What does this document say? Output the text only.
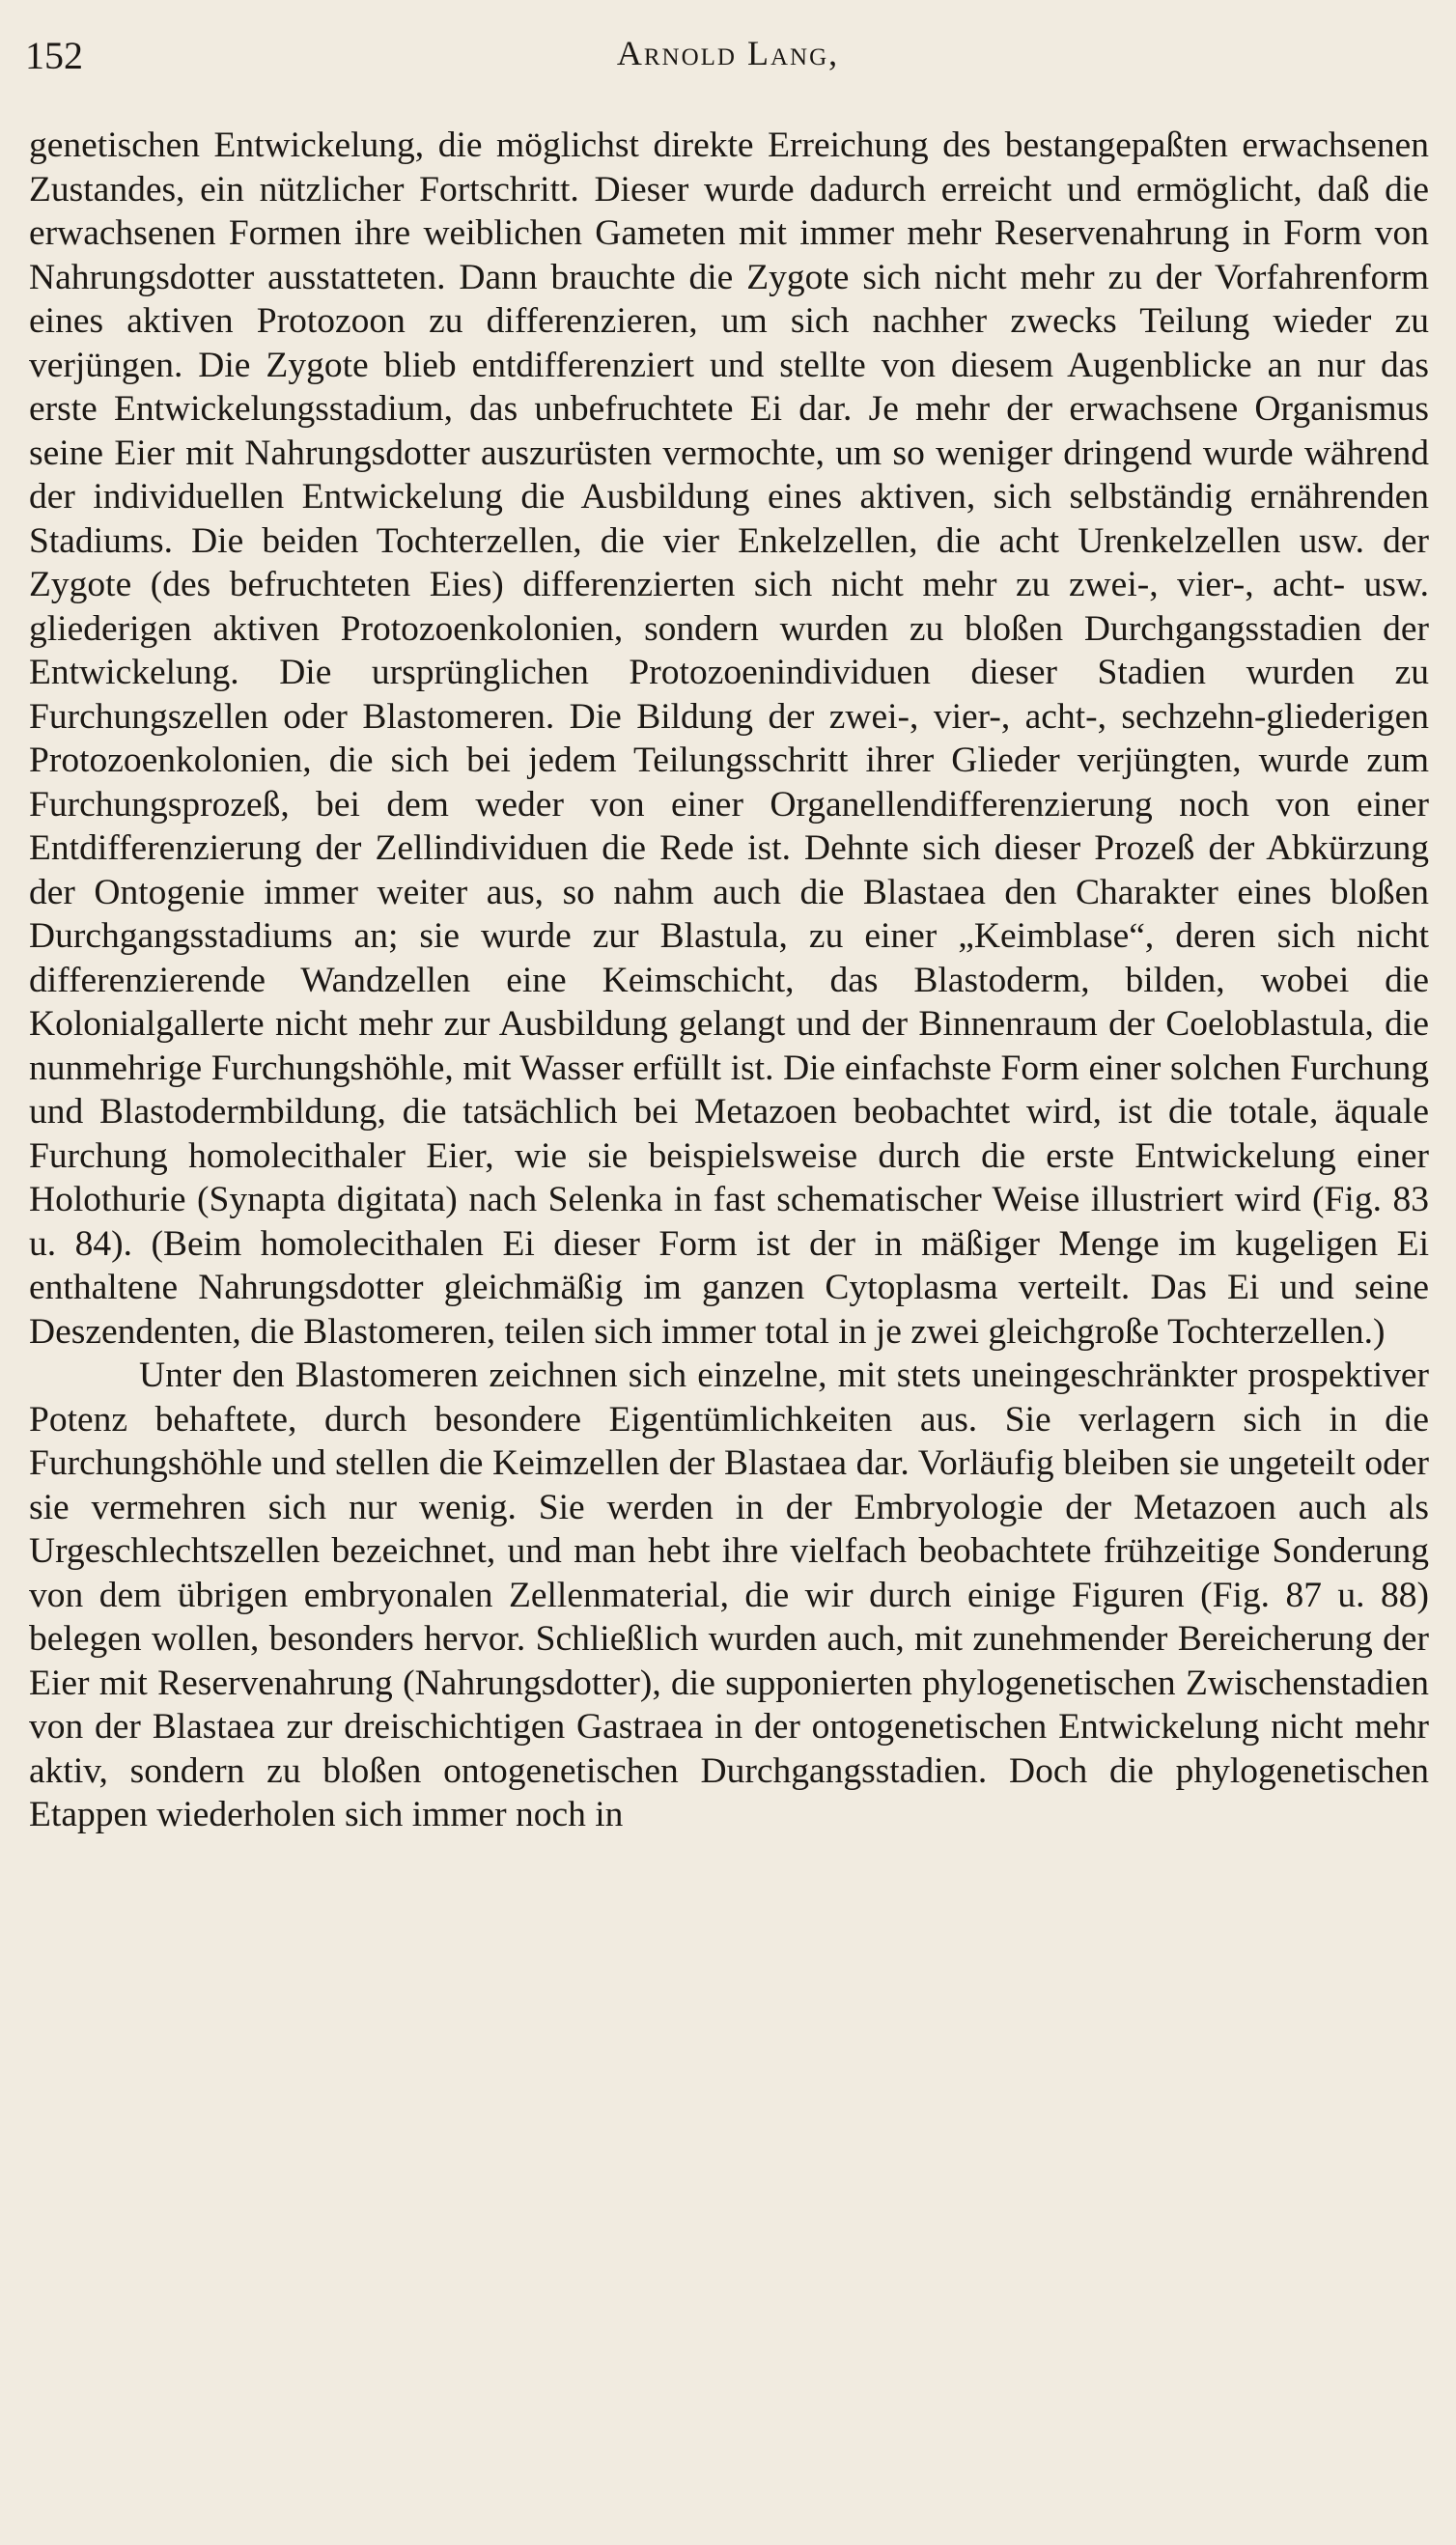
152	Arnold Lang,

genetischen Entwickelung, die möglichst direkte Erreichung des bestangepaßten erwachsenen Zustandes, ein nützlicher Fortschritt. Dieser wurde dadurch erreicht und ermöglicht, daß die erwachsenen Formen ihre weiblichen Gameten mit immer mehr Reservenahrung in Form von Nahrungsdotter ausstatteten. Dann brauchte die Zygote sich nicht mehr zu der Vorfahrenform eines aktiven Protozoon zu differenzieren, um sich nachher zwecks Teilung wieder zu verjüngen. Die Zygote blieb entdifferenziert und stellte von diesem Augenblicke an nur das erste Entwickelungsstadium, das unbefruchtete Ei dar. Je mehr der erwachsene Organismus seine Eier mit Nahrungsdotter auszurüsten vermochte, um so weniger dringend wurde während der individuellen Entwickelung die Ausbildung eines aktiven, sich selbständig ernährenden Stadiums. Die beiden Tochterzellen, die vier Enkelzellen, die acht Urenkelzellen usw. der Zygote (des befruchteten Eies) differenzierten sich nicht mehr zu zwei-, vier-, acht- usw. gliederigen aktiven Protozoenkolonien, sondern wurden zu bloßen Durchgangsstadien der Entwickelung. Die ursprünglichen Protozoenindividuen dieser Stadien wurden zu Furchungszellen oder Blastomeren. Die Bildung der zwei-, vier-, acht-, sechzehn-gliederigen Protozoenkolonien, die sich bei jedem Teilungsschritt ihrer Glieder verjüngten, wurde zum Furchungsprozeß, bei dem weder von einer Organellendifferenzierung noch von einer Entdifferenzierung der Zellindividuen die Rede ist. Dehnte sich dieser Prozeß der Abkürzung der Ontogenie immer weiter aus, so nahm auch die Blastaea den Charakter eines bloßen Durchgangsstadiums an; sie wurde zur Blastula, zu einer „Keimblase“, deren sich nicht differenzierende Wandzellen eine Keimschicht, das Blastoderm, bilden, wobei die Kolonialgallerte nicht mehr zur Ausbildung gelangt und der Binnenraum der Coeloblastula, die nunmehrige Furchungshöhle, mit Wasser erfüllt ist. Die einfachste Form einer solchen Furchung und Blastodermbildung, die tatsächlich bei Metazoen beobachtet wird, ist die totale, äquale Furchung homolecithaler Eier, wie sie beispielsweise durch die erste Entwickelung einer Holothurie (Synapta digitata) nach Selenka in fast schematischer Weise illustriert wird (Fig. 83 u. 84). (Beim homolecithalen Ei dieser Form ist der in mäßiger Menge im kugeligen Ei enthaltene Nahrungsdotter gleichmäßig im ganzen Cytoplasma verteilt. Das Ei und seine Deszendenten, die Blastomeren, teilen sich immer total in je zwei gleichgroße Tochterzellen.)

Unter den Blastomeren zeichnen sich einzelne, mit stets uneingeschränkter prospektiver Potenz behaftete, durch besondere Eigentümlichkeiten aus. Sie verlagern sich in die Furchungshöhle und stellen die Keimzellen der Blastaea dar. Vorläufig bleiben sie ungeteilt oder sie vermehren sich nur wenig. Sie werden in der Embryologie der Metazoen auch als Urgeschlechtszellen bezeichnet, und man hebt ihre vielfach beobachtete frühzeitige Sonderung von dem übrigen embryonalen Zellenmaterial, die wir durch einige Figuren (Fig. 87 u. 88) belegen wollen, besonders hervor. Schließlich wurden auch, mit zunehmender Bereicherung der Eier mit Reservenahrung (Nahrungsdotter), die supponierten phylogenetischen Zwischenstadien von der Blastaea zur dreischichtigen Gastraea in der ontogenetischen Entwickelung nicht mehr aktiv, sondern zu bloßen ontogenetischen Durchgangsstadien. Doch die phylogenetischen Etappen wiederholen sich immer noch in
